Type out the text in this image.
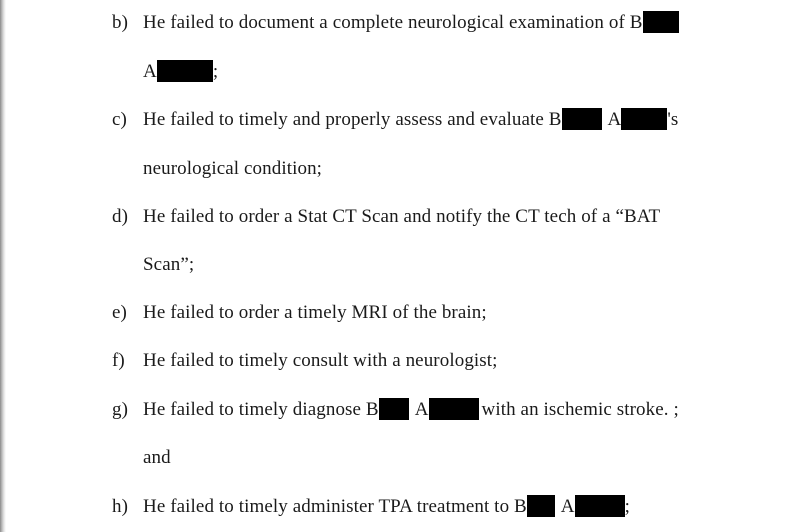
b) He failed to document a complete neurological examination of B
A	;
c) He failed to timely and properly assess and evaluate B A 's
neurological condition;
d) He failed to order a Stat CT Scan and notify the CT tech of a “BAT
Scan”;
e) He failed to order a timely MRI of the brain;
f) He failed to timely consult with a neurologist;
g) He failed to timely diagnose B A	with an ischemic stroke. ;
and
h) He failed to timely administer TPA treatment to B A	;
